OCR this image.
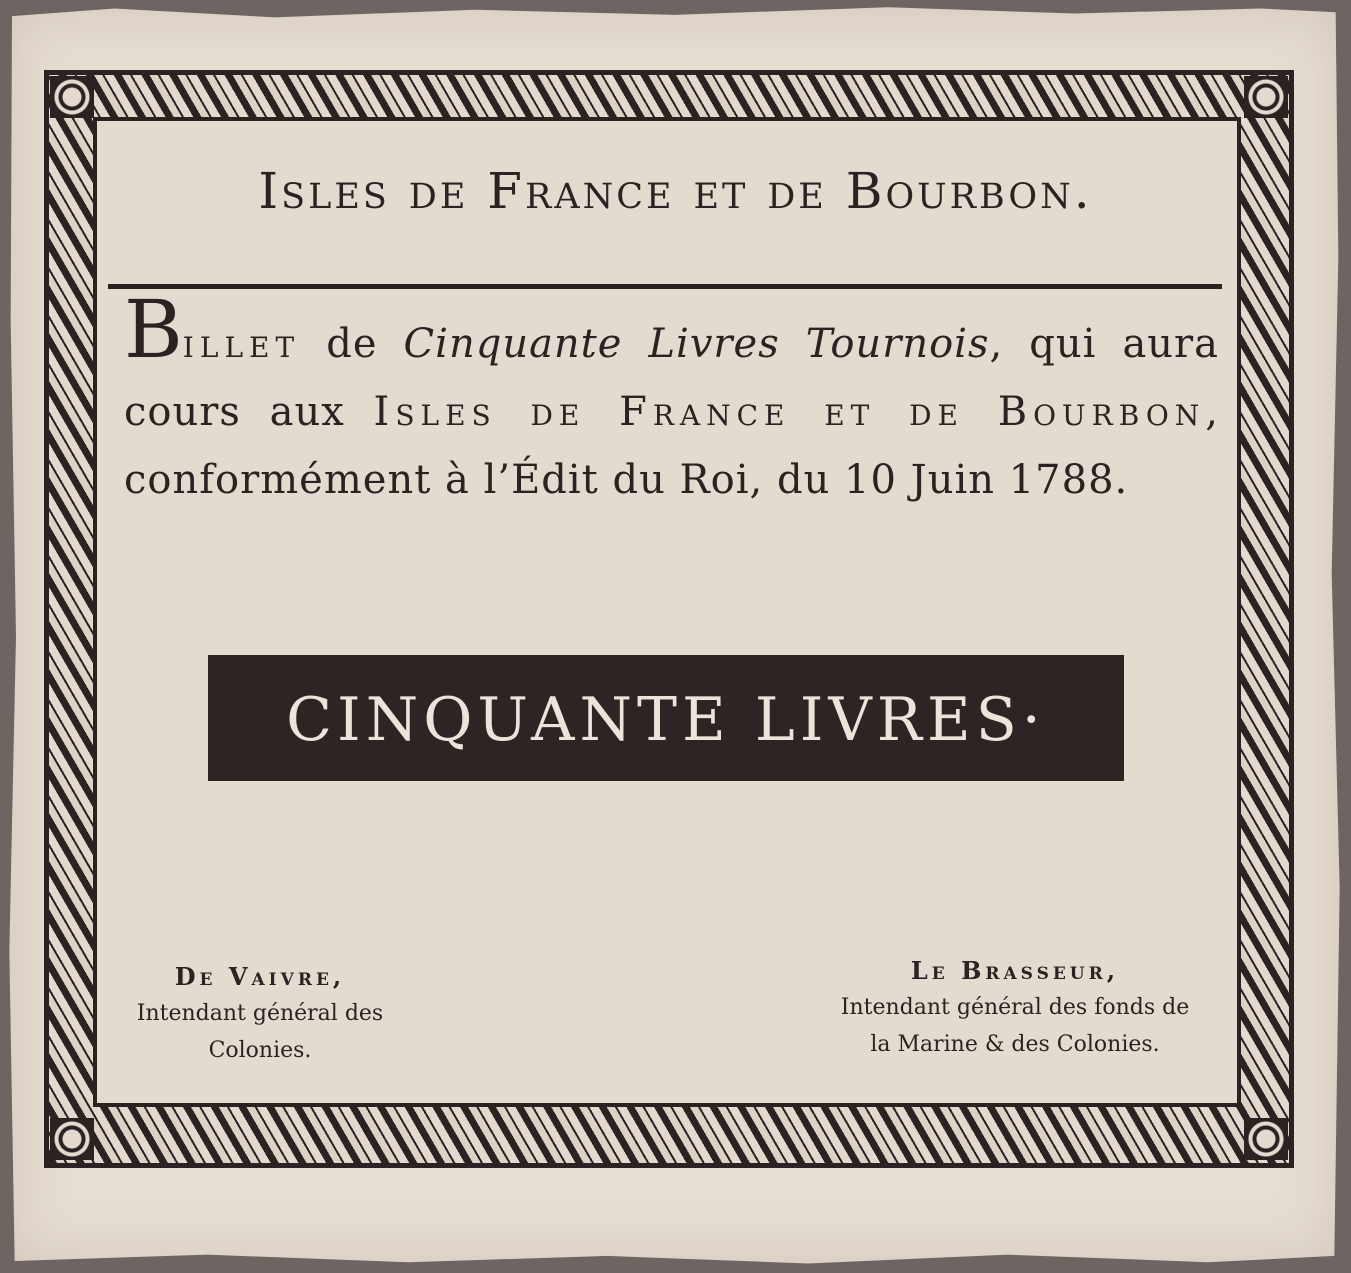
Isles de France et de Bourbon.
Billet de Cinquante Livres Tournois, qui aura cours aux Isles de France et de Bourbon, conformément à l’Édit du Roi, du 10 Juin 1788.
CINQUANTE LIVRES·
De Vaivre,
Intendant général des
Colonies.
Le Brasseur,
Intendant général des fonds de
la Marine & des Colonies.
